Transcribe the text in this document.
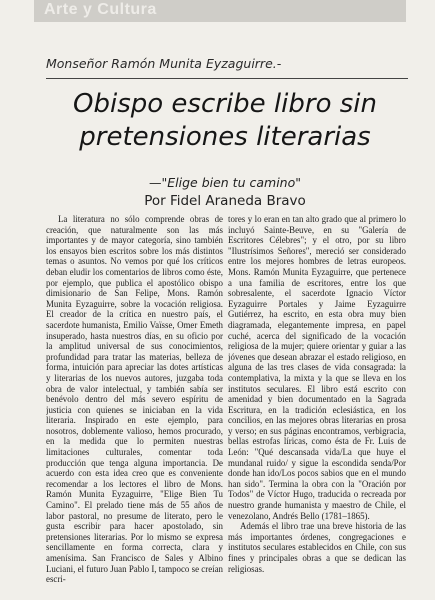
Arte y Cultura
Monseñor Ramón Munita Eyzaguirre.-
Obispo escribe libro sin pretensiones literarias
—"Elige bien tu camino"
Por Fidel Araneda Bravo

La literatura no sólo comprende obras de creación, que naturalmente son las más importantes y de mayor categoría, sino también los ensayos bien escritos sobre los más distintos temas o asuntos. No vemos por qué los críticos deban eludir los comentarios de libros como éste, por ejemplo, que publica el apostólico obispo dimisionario de San Felipe, Mons. Ramón Munita Eyzaguirre, sobre la vocación religiosa. El creador de la crítica en nuestro país, el sacerdote humanista, Emilio Vaïsse, Omer Emeth insuperado, hasta nuestros días, en su oficio por la amplitud universal de sus conocimientos, profundidad para tratar las materias, belleza de forma, intuición para apreciar las dotes artísticas y literarias de los nuevos autores, juzgaba toda obra de valor intelectual, y también sabía ser benévolo dentro del más severo espíritu de justicia con quienes se iniciaban en la vida literaria. Inspirado en este ejemplo, para nosotros, doblemente valioso, hemos procurado, en la medida que lo permiten nuestras limitaciones culturales, comentar toda producción que tenga alguna importancia. De acuerdo con esta idea creo que es conveniente recomendar a los lectores el libro de Mons. Ramón Munita Eyzaguirre, "Elige Bien Tu Camino". El prelado tiene más de 55 años de labor pastoral, no presume de literato, pero le gusta escribir para hacer apostolado, sin pretensiones literarias. Por lo mismo se expresa sencillamente en forma correcta, clara y amenísima. San Francisco de Sales y Albino Luciani, el futuro Juan Pablo I, tampoco se creían escri-

tores y lo eran en tan alto grado que al primero lo incluyó Sainte-Beuve, en su "Galería de Escritores Célebres"; y el otro, por su libro "Ilustrísimos Señores", mereció ser considerado entre los mejores hombres de letras europeos. Mons. Ramón Munita Eyzaguirre, que pertenece a una familia de escritores, entre los que sobresalente, el sacerdote Ignacio Víctor Eyzaguirre Portales y Jaime Eyzaguirre Gutiérrez, ha escrito, en esta obra muy bien diagramada, elegantemente impresa, en papel cuché, acerca del significado de la vocación religiosa de la mujer; quiere orientar y guiar a las jóvenes que desean abrazar el estado religioso, en alguna de las tres clases de vida consagrada: la contemplativa, la mixta y la que se lleva en los institutos seculares. El libro está escrito con amenidad y bien documentado en la Sagrada Escritura, en la tradición eclesiástica, en los concilios, en las mejores obras literarias en prosa y verso; en sus páginas encontramos, verbigracia, bellas estrofas líricas, como ésta de Fr. Luis de León: "Qué descansada vida/La que huye el mundanal ruido/ y sigue la escondida senda/Por donde han ido/Los pocos sabios que en el mundo han sido". Termina la obra con la "Oración por Todos" de Víctor Hugo, traducida o recreada por nuestro grande humanista y maestro de Chile, el venezolano, Andrés Bello (1781–1865).

Además el libro trae una breve historia de las más importantes órdenes, congregaciones e institutos seculares establecidos en Chile, con sus fines y principales obras a que se dedican las religiosas.
